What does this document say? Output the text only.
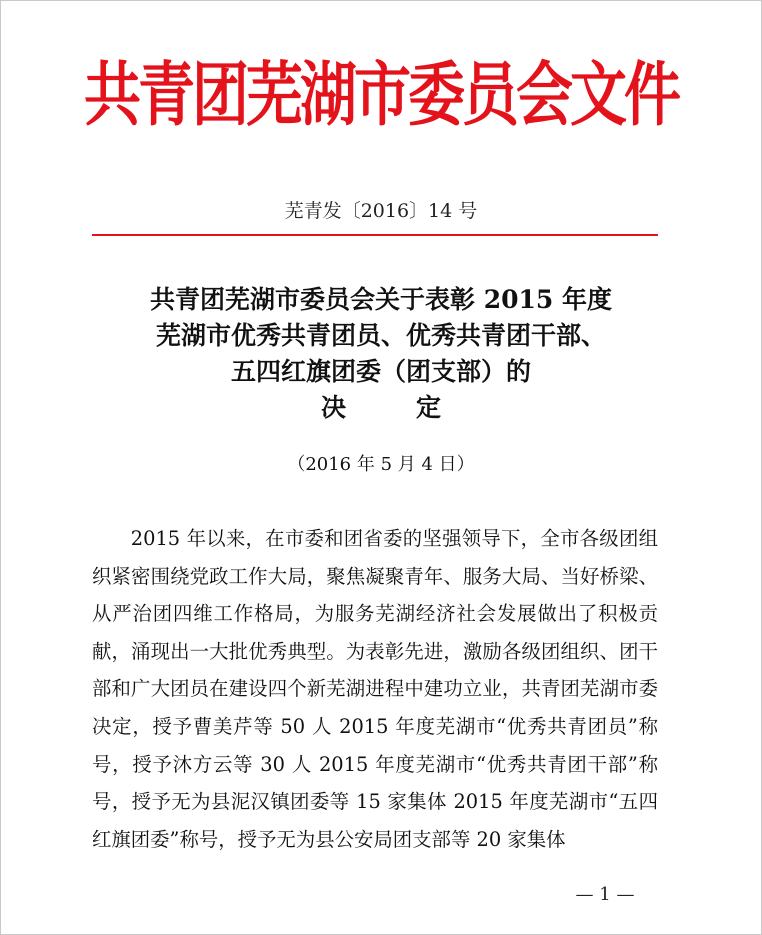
共青团芜湖市委员会文件
芜青发〔2016〕14 号
共青团芜湖市委员会关于表彰 2015 年度
芜湖市优秀共青团员、优秀共青团干部、
五四红旗团委（团支部）的
决定
（2016 年 5 月 4 日）
2015 年以来，在市委和团省委的坚强领导下，全市各级团组织紧密围绕党政工作大局，聚焦凝聚青年、服务大局、当好桥梁、从严治团四维工作格局，为服务芜湖经济社会发展做出了积极贡献，涌现出一大批优秀典型。为表彰先进，激励各级团组织、团干部和广大团员在建设四个新芜湖进程中建功立业，共青团芜湖市委决定，授予曹美芹等 50 人 2015 年度芜湖市“优秀共青团员”称号，授予沐方云等 30 人 2015 年度芜湖市“优秀共青团干部”称号，授予无为县泥汉镇团委等 15 家集体 2015 年度芜湖市“五四红旗团委”称号，授予无为县公安局团支部等 20 家集体
— 1 —
